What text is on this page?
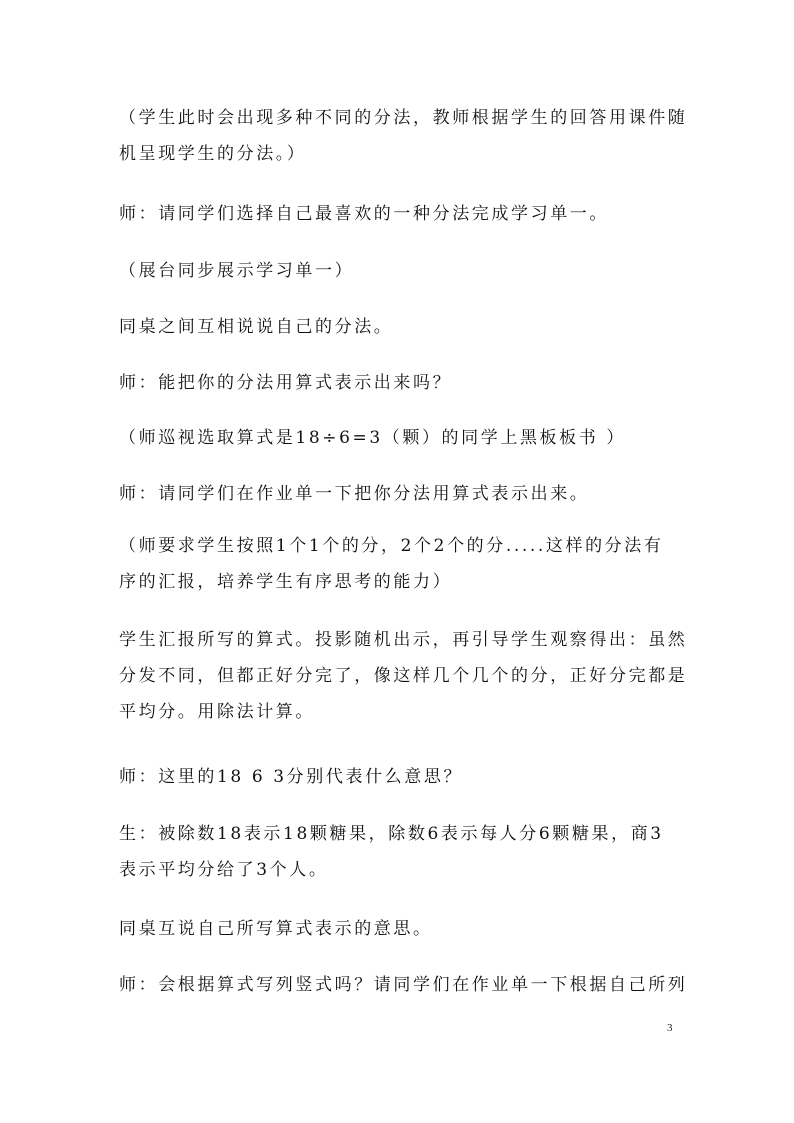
（学生此时会出现多种不同的分法，教师根据学生的回答用课件随
机呈现学生的分法。）
师：请同学们选择自己最喜欢的一种分法完成学习单一。
（展台同步展示学习单一）
同桌之间互相说说自己的分法。
师：能把你的分法用算式表示出来吗？
（师巡视选取算式是18÷6=3（颗）的同学上黑板板书 ）
师：请同学们在作业单一下把你分法用算式表示出来。
（师要求学生按照1个1个的分，2个2个的分.....这样的分法有
序的汇报，培养学生有序思考的能力）
学生汇报所写的算式。投影随机出示，再引导学生观察得出：虽然
分发不同，但都正好分完了，像这样几个几个的分，正好分完都是
平均分。用除法计算。
师：这里的18 6 3分别代表什么意思？
生：被除数18表示18颗糖果，除数6表示每人分6颗糖果，商3
表示平均分给了3个人。
同桌互说自己所写算式表示的意思。
师：会根据算式写列竖式吗？请同学们在作业单一下根据自己所列
3
